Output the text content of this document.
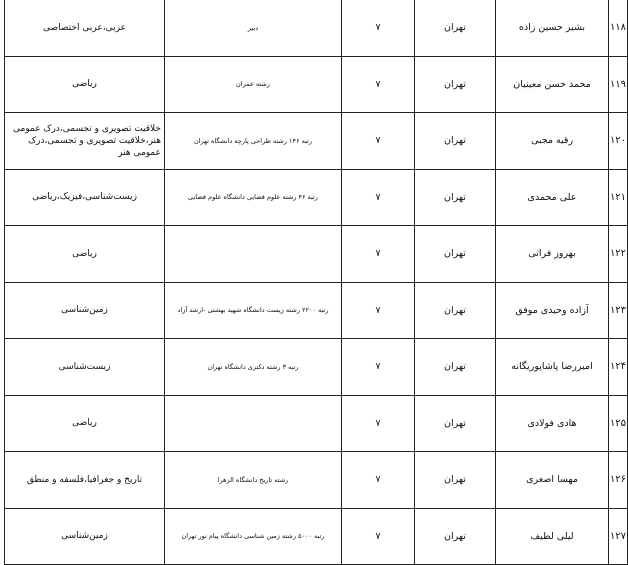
۱۱۸	بشیر حسین زاده	تهران	۷	دبیر	عربی،عربی اختصاصی
۱۱۹	محمد حسن معینیان	تهران	۷	رشته عمران	ریاضی
۱۲۰	رقیه مجبی	تهران	۷	رتبه ۱۴۶ رشته طراحی پارچه دانشگاه تهران	خلاقیت تصویری و تجسمی،درک عمومی هنر،خلاقیت تصویری و تجسمی،درک عمومی هنر
۱۲۱	علی محمدی	تهران	۷	رتبه ۴۶ رشته علوم قضایی دانشگاه علوم قضایی	زیست‌شناسی،فیزیک،ریاضی
۱۲۲	بهروز فراتی	تهران	۷		ریاضی
۱۲۳	آزاده وحیدی موفق	تهران	۷	رتبه ۲۲۰۰ رشته زیست دانشگاه شهید بهشتی -ارشد آزاد	زمین‌شناسی
۱۲۴	امیررضا پاشاپوریگانه	تهران	۷	رتبه ۳ رشته دکتری دانشگاه تهران	زیست‌شناسی
۱۲۵	هادی فولادی	تهران	۷		ریاضی
۱۲۶	مهسا اصغری	تهران	۷	رشته تاریخ دانشگاه الزهرا	تاریخ و جغرافیا،فلسفه و منطق
۱۲۷	لیلی لطیف	تهران	۷	رتبه ۵۰۰۰ رشته زمین شناسی دانشگاه پیام نور تهران	زمین‌شناسی
